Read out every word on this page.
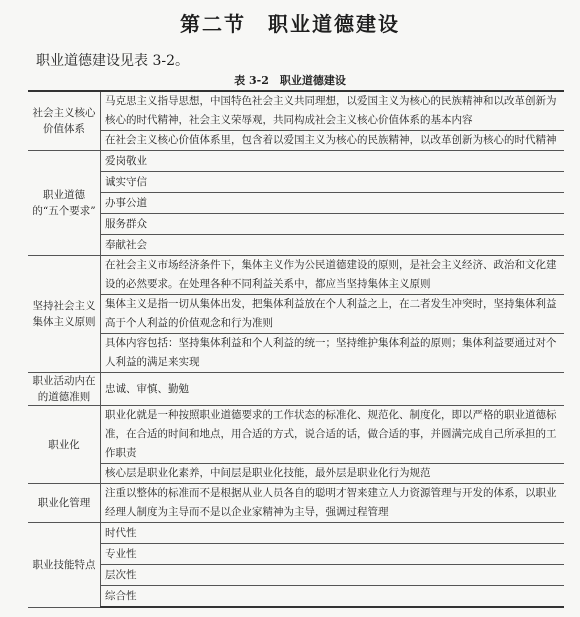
第二节　职业道德建设
职业道德建设见表 3-2。
表 3-2　职业道德建设
社会主义核心价值体系	马克思主义指导思想，中国特色社会主义共同理想，以爱国主义为核心的民族精神和以改革创新为核心的时代精神，社会主义荣辱观，共同构成社会主义核心价值体系的基本内容
	在社会主义核心价值体系里，包含着以爱国主义为核心的民族精神，以改革创新为核心的时代精神
职业道德的“五个要求”	爱岗敬业
	诚实守信
	办事公道
	服务群众
	奉献社会
坚持社会主义集体主义原则	在社会主义市场经济条件下，集体主义作为公民道德建设的原则，是社会主义经济、政治和文化建设的必然要求。在处理各种不同利益关系中，都应当坚持集体主义原则
	集体主义是指一切从集体出发，把集体利益放在个人利益之上，在二者发生冲突时，坚持集体利益高于个人利益的价值观念和行为准则
	具体内容包括：坚持集体利益和个人利益的统一；坚持维护集体利益的原则；集体利益要通过对个人利益的满足来实现
职业活动内在的道德准则	忠诚、审慎、勤勉
职业化	职业化就是一种按照职业道德要求的工作状态的标准化、规范化、制度化，即以严格的职业道德标准，在合适的时间和地点，用合适的方式，说合适的话，做合适的事，并圆满完成自己所承担的工作职责
	核心层是职业化素养，中间层是职业化技能，最外层是职业化行为规范
职业化管理	注重以整体的标准而不是根据从业人员各自的聪明才智来建立人力资源管理与开发的体系，以职业经理人制度为主导而不是以企业家精神为主导，强调过程管理
职业技能特点	时代性
	专业性
	层次性
	综合性
